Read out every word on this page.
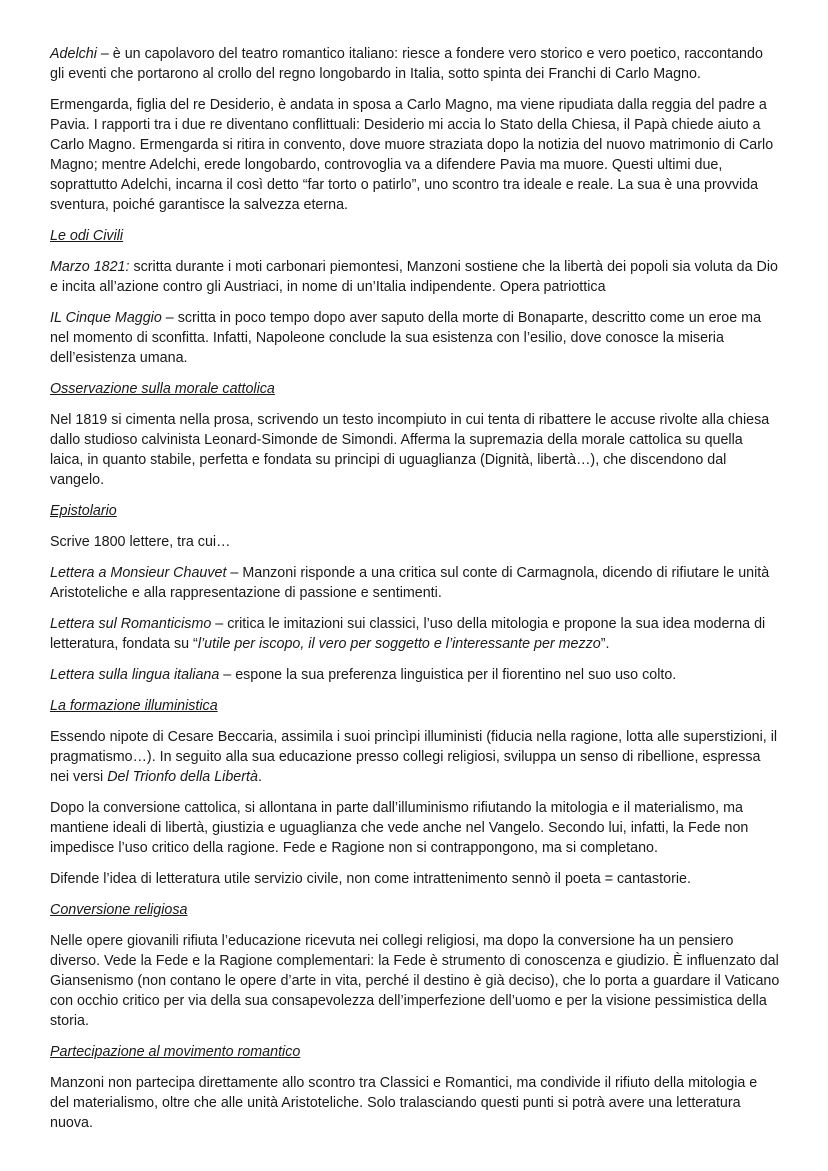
Adelchi – è un capolavoro del teatro romantico italiano: riesce a fondere vero storico e vero poetico, raccontando gli eventi che portarono al crollo del regno longobardo in Italia, sotto spinta dei Franchi di Carlo Magno.

Ermengarda, figlia del re Desiderio, è andata in sposa a Carlo Magno, ma viene ripudiata dalla reggia del padre a Pavia. I rapporti tra i due re diventano conflittuali: Desiderio mi accia lo Stato della Chiesa, il Papà chiede aiuto a Carlo Magno. Ermengarda si ritira in convento, dove muore straziata dopo la notizia del nuovo matrimonio di Carlo Magno; mentre Adelchi, erede longobardo, controvoglia va a difendere Pavia ma muore. Questi ultimi due, soprattutto Adelchi, incarna il così detto “far torto o patirlo”, uno scontro tra ideale e reale. La sua è una provvida sventura, poiché garantisce la salvezza eterna.

Le odi Civili

Marzo 1821: scritta durante i moti carbonari piemontesi, Manzoni sostiene che la libertà dei popoli sia voluta da Dio e incita all’azione contro gli Austriaci, in nome di un’Italia indipendente. Opera patriottica

IL Cinque Maggio – scritta in poco tempo dopo aver saputo della morte di Bonaparte, descritto come un eroe ma nel momento di sconfitta. Infatti, Napoleone conclude la sua esistenza con l’esilio, dove conosce la miseria dell’esistenza umana.

Osservazione sulla morale cattolica

Nel 1819 si cimenta nella prosa, scrivendo un testo incompiuto in cui tenta di ribattere le accuse rivolte alla chiesa dallo studioso calvinista Leonard-Simonde de Simondi. Afferma la supremazia della morale cattolica su quella laica, in quanto stabile, perfetta e fondata su principi di uguaglianza (Dignità, libertà…), che discendono dal vangelo.

Epistolario

Scrive 1800 lettere, tra cui…

Lettera a Monsieur Chauvet – Manzoni risponde a una critica sul conte di Carmagnola, dicendo di rifiutare le unità Aristoteliche e alla rappresentazione di passione e sentimenti.

Lettera sul Romanticismo – critica le imitazioni sui classici, l’uso della mitologia e propone la sua idea moderna di letteratura, fondata su “l’utile per iscopo, il vero per soggetto e l’interessante per mezzo”.

Lettera sulla lingua italiana – espone la sua preferenza linguistica per il fiorentino nel suo uso colto.

La formazione illuministica

Essendo nipote di Cesare Beccaria, assimila i suoi princìpi illuministi (fiducia nella ragione, lotta alle superstizioni, il pragmatismo…). In seguito alla sua educazione presso collegi religiosi, sviluppa un senso di ribellione, espressa nei versi Del Trionfo della Libertà.

Dopo la conversione cattolica, si allontana in parte dall’illuminismo rifiutando la mitologia e il materialismo, ma mantiene ideali di libertà, giustizia e uguaglianza che vede anche nel Vangelo. Secondo lui, infatti, la Fede non impedisce l’uso critico della ragione. Fede e Ragione non si contrappongono, ma si completano.

Difende l’idea di letteratura utile servizio civile, non come intrattenimento sennò il poeta = cantastorie.

Conversione religiosa

Nelle opere giovanili rifiuta l’educazione ricevuta nei collegi religiosi, ma dopo la conversione ha un pensiero diverso. Vede la Fede e la Ragione complementari: la Fede è strumento di conoscenza e giudizio. È influenzato dal Giansenismo (non contano le opere d’arte in vita, perché il destino è già deciso), che lo porta a guardare il Vaticano con occhio critico per via della sua consapevolezza dell’imperfezione dell’uomo e per la visione pessimistica della storia.

Partecipazione al movimento romantico

Manzoni non partecipa direttamente allo scontro tra Classici e Romantici, ma condivide il rifiuto della mitologia e del materialismo, oltre che alle unità Aristoteliche. Solo tralasciando questi punti si potrà avere una letteratura nuova.
